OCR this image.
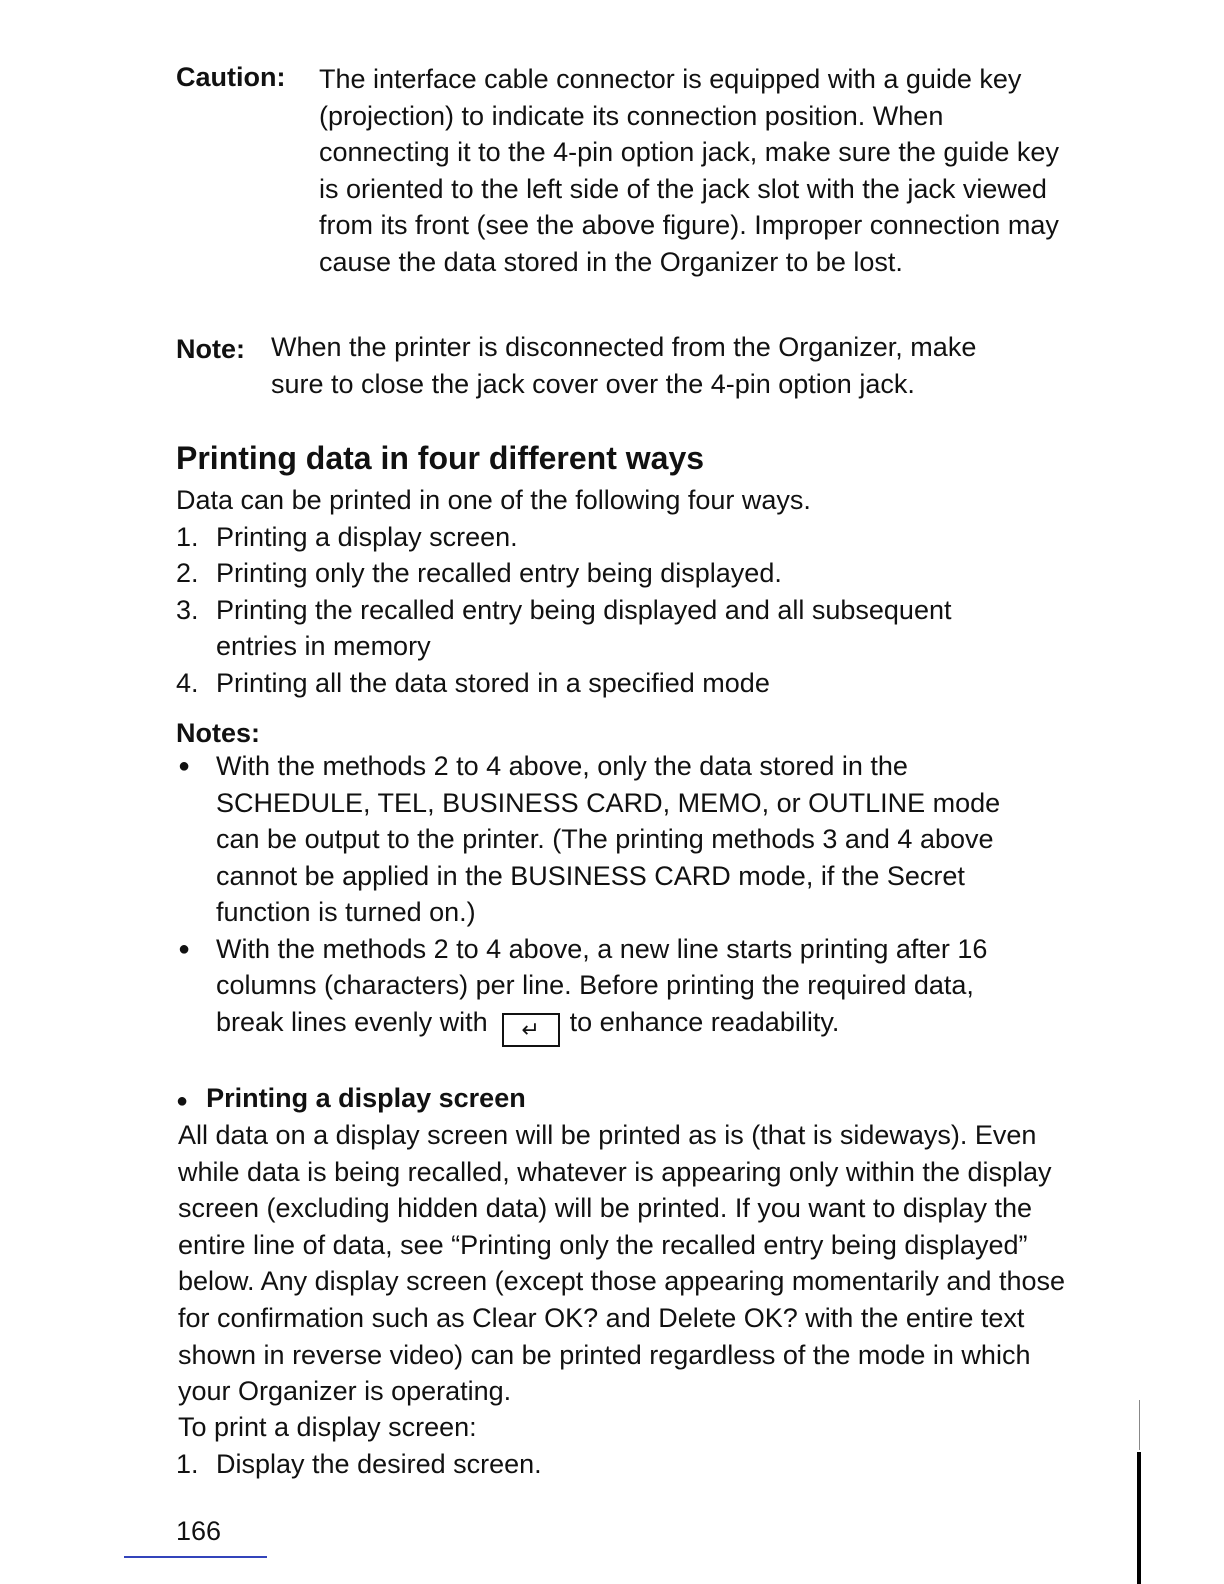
Caution: The interface cable connector is equipped with a guide key (projection) to indicate its connection position. When connecting it to the 4-pin option jack, make sure the guide key is oriented to the left side of the jack slot with the jack viewed from its front (see the above figure). Improper connection may cause the data stored in the Organizer to be lost.

Note: When the printer is disconnected from the Organizer, make sure to close the jack cover over the 4-pin option jack.

Printing data in four different ways
Data can be printed in one of the following four ways.
1. Printing a display screen.
2. Printing only the recalled entry being displayed.
3. Printing the recalled entry being displayed and all subsequent entries in memory
4. Printing all the data stored in a specified mode
Notes:
● With the methods 2 to 4 above, only the data stored in the SCHEDULE, TEL, BUSINESS CARD, MEMO, or OUTLINE mode can be output to the printer. (The printing methods 3 and 4 above cannot be applied in the BUSINESS CARD mode, if the Secret function is turned on.)
● With the methods 2 to 4 above, a new line starts printing after 16 columns (characters) per line. Before printing the required data, break lines evenly with ↵ to enhance readability.
● Printing a display screen

All data on a display screen will be printed as is (that is sideways). Even while data is being recalled, whatever is appearing only within the display screen (excluding hidden data) will be printed. If you want to display the entire line of data, see “Printing only the recalled entry being displayed” below. Any display screen (except those appearing momentarily and those for confirmation such as Clear OK? and Delete OK? with the entire text shown in reverse video) can be printed regardless of the mode in which your Organizer is operating.

To print a display screen:
1. Display the desired screen.
166
